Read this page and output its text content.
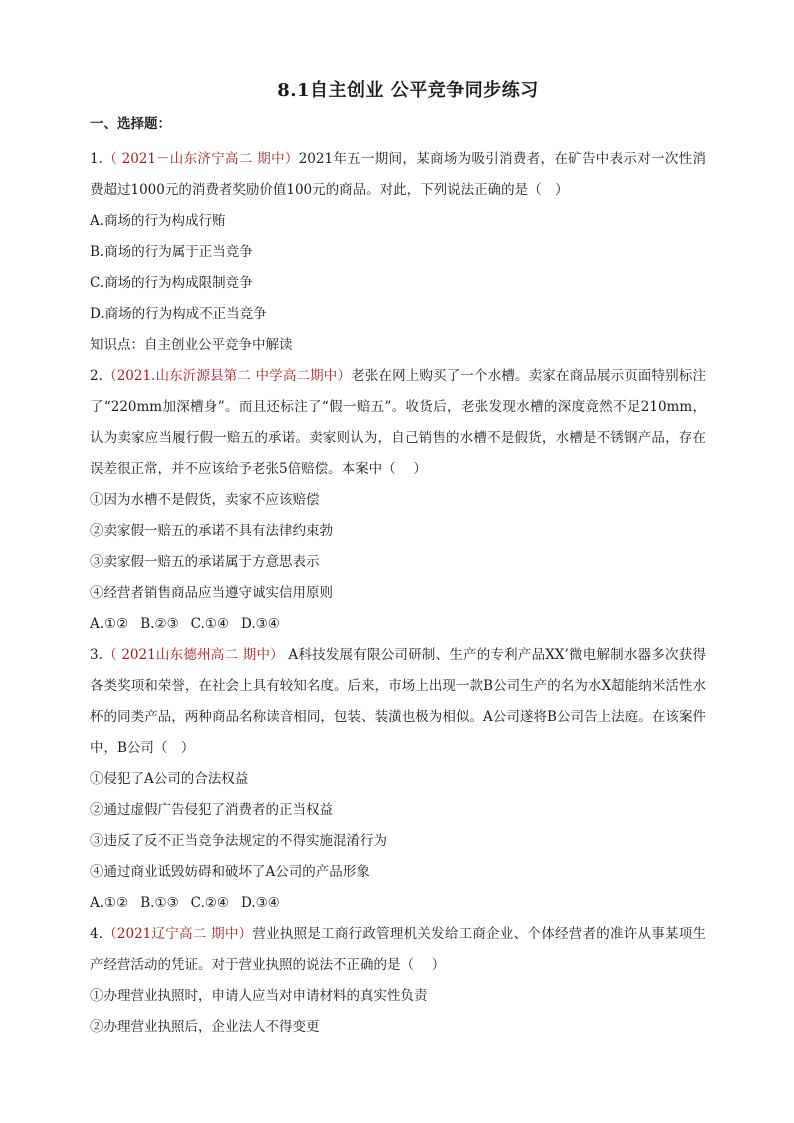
8.1自主创业 公平竞争同步练习
一、选择题：

1.（ 2021－山东济宁高二 期中）2021年五一期间，某商场为吸引消费者，在矿告中表示对一次性消费超过1000元的消费者奖励价值100元的商品。对此，下列说法正确的是（　）

A.商场的行为构成行贿

B.商场的行为属于正当竞争

C.商场的行为构成限制竞争

D.商场的行为构成不正当竞争

知识点：自主创业公平竞争中解读

2.（2021.山东沂源县第二 中学高二期中）老张在网上购买了一个水槽。卖家在商品展示页面特别标注了“220mm加深槽身”。而且还标注了“假一赔五”。收货后，老张发现水槽的深度竟然不足210mm，认为卖家应当履行假一赔五的承诺。卖家则认为，自己销售的水槽不是假货，水槽是不锈钢产品，存在误差很正常，并不应该给予老张5倍赔偿。本案中（　 ）

①因为水槽不是假货，卖家不应该赔偿

②卖家假一赔五的承诺不具有法律约束勃

③卖家假一赔五的承诺属于方意思表示

④经营者销售商品应当遵守诚实信用原则

A.①② B.②③ C.①④ D.③④

3.（ 2021山东德州高二 期中） A科技发展有限公司研制、生产的专利产品XX’微电解制水器多次获得各类奖项和荣誉，在社会上具有较知名度。后来，市场上出现一款B公司生产的名为水X超能纳米活性水杯的同类产品，两种商品名称读音相同，包装、装潢也极为相似。A公司遂将B公司告上法庭。在该案件中，B公司（　）

①侵犯了A公司的合法权益

②通过虚假广告侵犯了消费者的正当权益

③违反了反不正当竞争法规定的不得实施混淆行为

④通过商业诋毁妨碍和破坏了A公司的产品形象

A.①② B.①③ C.②④ D.③④

4.（2021辽宁高二 期中）营业执照是工商行政管理机关发给工商企业、个体经营者的准许从事某项生产经营活动的凭证。对于营业执照的说法不正确的是（　 ）

①办理营业执照时，申请人应当对申请材料的真实性负责

②办理营业执照后，企业法人不得变更
